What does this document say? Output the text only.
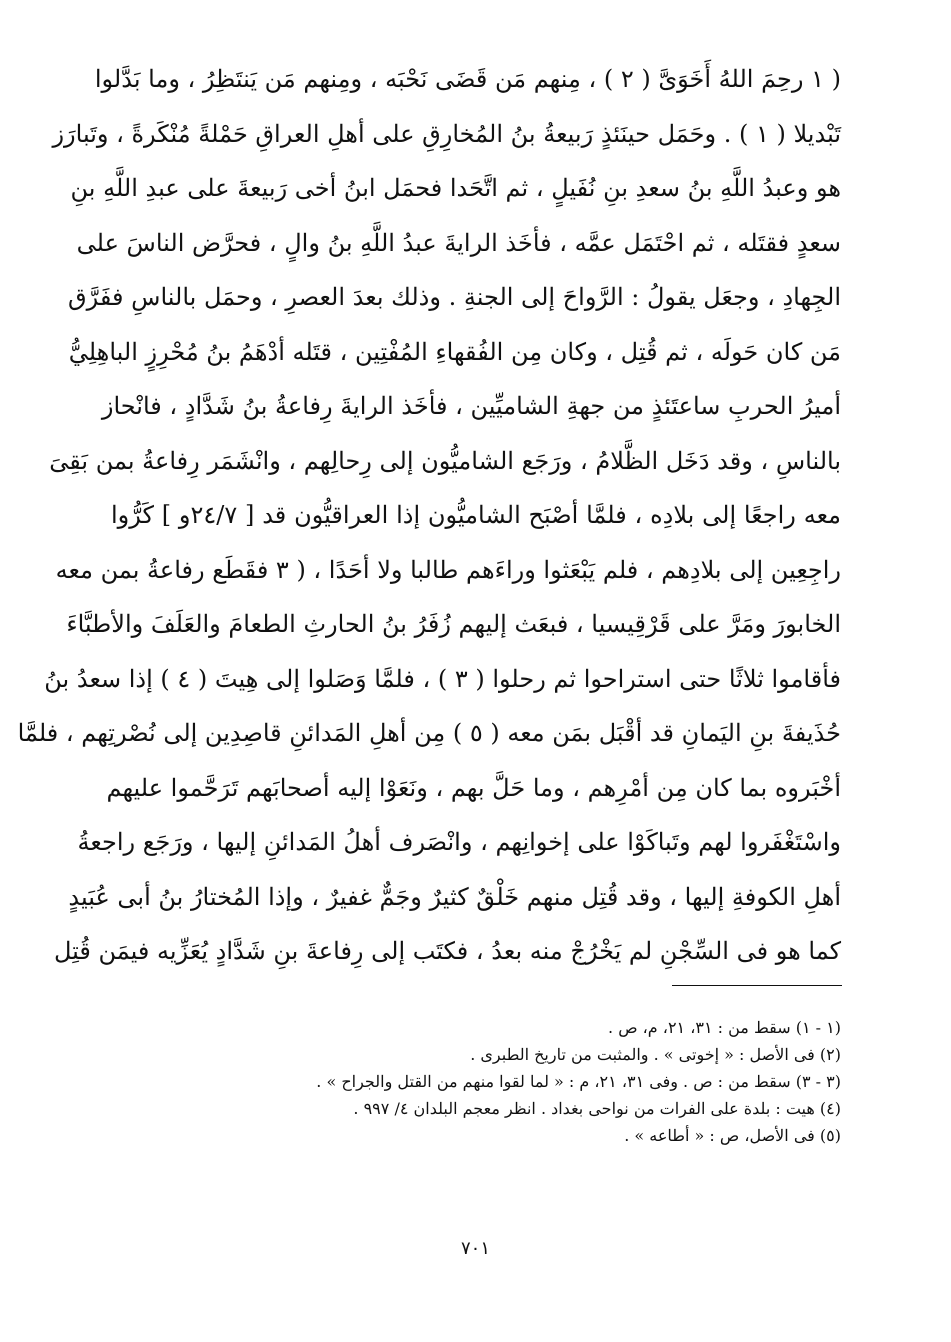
( ١ رحِمَ اللهُ أَخَوَىَّ ( ٢ ) ، مِنهم مَن قَضَى نَحْبَه ، ومِنهم مَن يَنتَظِرُ ، وما بَدَّلوا
تَبْديلا ( ١ ) . وحَمَل حينَئذٍ رَبيعةُ بنُ المُخارِقِ على أهلِ العراقِ حَمْلةً مُنْكَرةً ، وتَبارَز
هو وعبدُ اللَّهِ بنُ سعدِ بنِ نُفَيلٍ ، ثم اتَّحَدا فحمَل ابنُ أخى رَبيعةَ على عبدِ اللَّهِ بنِ
سعدٍ فقتَله ، ثم احْتَمَل عمَّه ، فأخَذ الرايةَ عبدُ اللَّهِ بنُ والٍ ، فحرَّض الناسَ على
الجِهادِ ، وجعَل يقولُ : الرَّواحَ إلى الجنةِ . وذلك بعدَ العصرِ ، وحمَل بالناسِ ففَرَّق
مَن كان حَولَه ، ثم قُتِل ، وكان مِن الفُقهاءِ المُفْتِين ، قتَله أدْهَمُ بنُ مُحْرِزٍ الباهِلِيُّ
أميرُ الحربِ ساعتَئذٍ من جهةِ الشاميِّين ، فأخَذ الرايةَ رِفاعةُ بنُ شَدَّادٍ ، فانْحاز
بالناسِ ، وقد دَخَل الظَّلامُ ، ورَجَع الشاميُّون إلى رِحالِهم ، وانْشَمَر رِفاعةُ بمن بَقِىَ
معه راجعًا إلى بلادِه ، فلمَّا أصْبَح الشاميُّون إذا العراقيُّون قد [ ٢٤/٧و ] كَرُّوا
راجِعِين إلى بلادِهم ، فلم يَبْعَثوا وراءَهم طالبا ولا أحَدًا ، ( ٣ فقَطَع رفاعةُ بمن معه
الخابورَ ومَرَّ على قَرْقِيسيا ، فبعَث إليهم زُفَرُ بنُ الحارثِ الطعامَ والعَلَفَ والأطبَّاءَ
فأقاموا ثلاثًا حتى استراحوا ثم رحلوا ( ٣ ) ، فلمَّا وَصَلوا إلى هِيتَ ( ٤ ) إذا سعدُ بنُ
حُذَيفةَ بنِ اليَمانِ قد أقْبَل بمَن معه ( ٥ ) مِن أهلِ المَدائنِ قاصِدِين إلى نُصْرتِهم ، فلمَّا
أخْبَروه بما كان مِن أمْرِهم ، وما حَلَّ بهم ، ونَعَوْا إليه أصحابَهم تَرَحَّموا عليهم
واسْتَغْفَروا لهم وتَباكَوْا على إخوانِهم ، وانْصَرف أهلُ المَدائنِ إليها ، ورَجَع راجعةُ
أهلِ الكوفةِ إليها ، وقد قُتِل منهم خَلْقٌ كثيرٌ وجَمٌّ غفيرٌ ، وإذا المُختارُ بنُ أبى عُبَيدٍ
كما هو فى السِّجْنِ لم يَخْرُجْ منه بعدُ ، فكتَب إلى رِفاعةَ بنِ شَدَّادٍ يُعَزِّيه فيمَن قُتِل
(١ - ١) سقط من : ٣١، ٢١، م، ص .
(٢) فى الأصل : « إخوتى » . والمثبت من تاريخ الطبرى .
(٣ - ٣) سقط من : ص . وفى ٣١، ٢١، م : « لما لقوا منهم من القتل والجراح » .
(٤) هيت : بلدة على الفرات من نواحى بغداد . انظر معجم البلدان ٤/ ٩٩٧ .
(٥) فى الأصل، ص : « أطاعه » .
٧٠١
